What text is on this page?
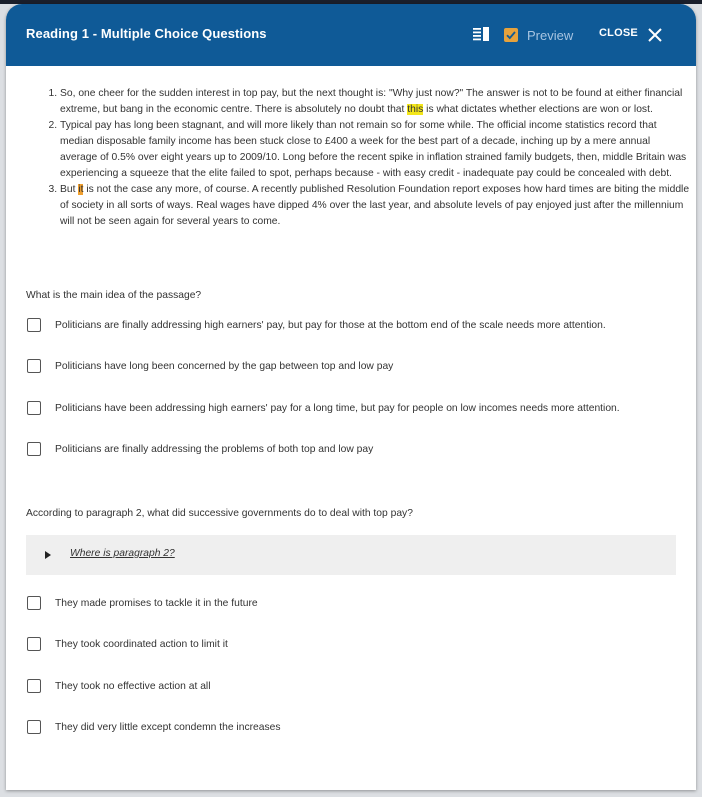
Reading 1 - Multiple Choice Questions	Preview CLOSE
1. So, one cheer for the sudden interest in top pay, but the next thought is: "Why just now?" The answer is not to be found at either financial extreme, but bang in the economic centre. There is absolutely no doubt that this is what dictates whether elections are won or lost.
2. Typical pay has long been stagnant, and will more likely than not remain so for some while. The official income statistics record that median disposable family income has been stuck close to £400 a week for the best part of a decade, inching up by a mere annual average of 0.5% over eight years up to 2009/10. Long before the recent spike in inflation strained family budgets, then, middle Britain was experiencing a squeeze that the elite failed to spot, perhaps because - with easy credit - inadequate pay could be concealed with debt.
3. But it is not the case any more, of course. A recently published Resolution Foundation report exposes how hard times are biting the middle of society in all sorts of ways. Real wages have dipped 4% over the last year, and absolute levels of pay enjoyed just after the millennium will not be seen again for several years to come.
What is the main idea of the passage?
Politicians are finally addressing high earners' pay, but pay for those at the bottom end of the scale needs more attention.
Politicians have long been concerned by the gap between top and low pay
Politicians have been addressing high earners' pay for a long time, but pay for people on low incomes needs more attention.
Politicians are finally addressing the problems of both top and low pay
According to paragraph 2, what did successive governments do to deal with top pay?
Where is paragraph 2?
They made promises to tackle it in the future
They took coordinated action to limit it
They took no effective action at all
They did very little except condemn the increases
